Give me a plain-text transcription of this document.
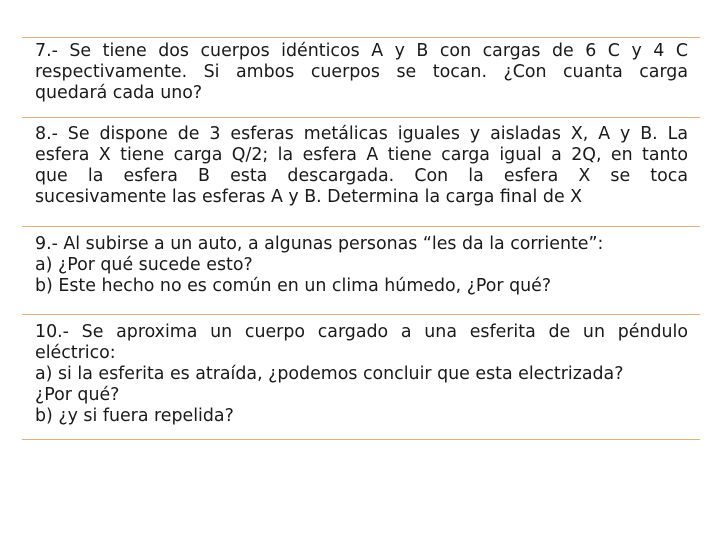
7.- Se tiene dos cuerpos idénticos A y B con cargas de 6 C y 4 C
respectivamente. Si ambos cuerpos se tocan. ¿Con cuanta carga
quedará cada uno?
8.- Se dispone de 3 esferas metálicas iguales y aisladas X, A y B. La
esfera X tiene carga Q/2; la esfera A tiene carga igual a 2Q, en tanto
que la esfera B esta descargada. Con la esfera X se toca
sucesivamente las esferas A y B. Determina la carga final de X
9.- Al subirse a un auto, a algunas personas “les da la corriente”:
a) ¿Por qué sucede esto?
b) Este hecho no es común en un clima húmedo, ¿Por qué?
10.- Se aproxima un cuerpo cargado a una esferita de un péndulo
eléctrico:
a) si la esferita es atraída, ¿podemos concluir que esta electrizada?
¿Por qué?
b) ¿y si fuera repelida?
